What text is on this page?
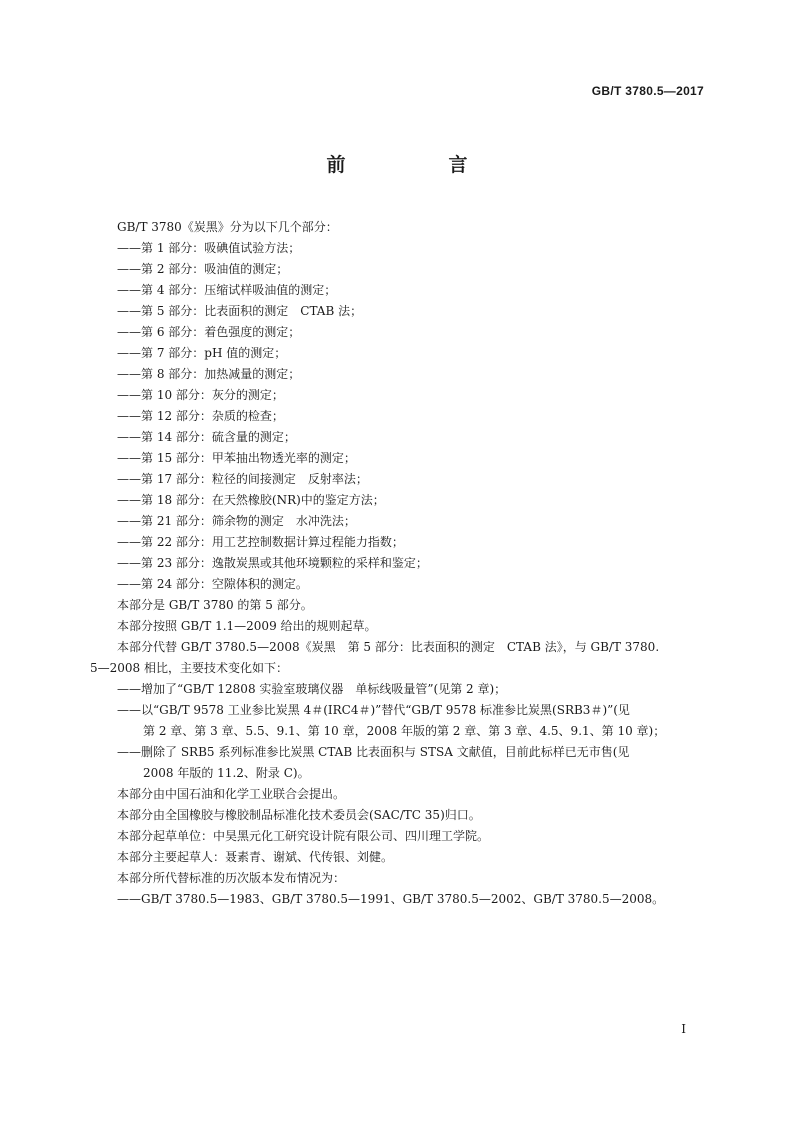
GB/T 3780.5—2017
前　言
GB/T 3780《炭黑》分为以下几个部分：
——第 1 部分：吸碘值试验方法；
——第 2 部分：吸油值的测定；
——第 4 部分：压缩试样吸油值的测定；
——第 5 部分：比表面积的测定　CTAB 法；
——第 6 部分：着色强度的测定；
——第 7 部分：pH 值的测定；
——第 8 部分：加热减量的测定；
——第 10 部分：灰分的测定；
——第 12 部分：杂质的检查；
——第 14 部分：硫含量的测定；
——第 15 部分：甲苯抽出物透光率的测定；
——第 17 部分：粒径的间接测定　反射率法；
——第 18 部分：在天然橡胶(NR)中的鉴定方法；
——第 21 部分：筛余物的测定　水冲洗法；
——第 22 部分：用工艺控制数据计算过程能力指数；
——第 23 部分：逸散炭黑或其他环境颗粒的采样和鉴定；
——第 24 部分：空隙体积的测定。
本部分是 GB/T 3780 的第 5 部分。
本部分按照 GB/T 1.1—2009 给出的规则起草。
本部分代替 GB/T 3780.5—2008《炭黑　第 5 部分：比表面积的测定　CTAB 法》，与 GB/T 3780.
5—2008 相比，主要技术变化如下：
——增加了“GB/T 12808 实验室玻璃仪器　单标线吸量管”(见第 2 章)；
——以“GB/T 9578 工业参比炭黑 4＃(IRC4＃)”替代“GB/T 9578 标准参比炭黑(SRB3＃)”(见
第 2 章、第 3 章、5.5、9.1、第 10 章，2008 年版的第 2 章、第 3 章、4.5、9.1、第 10 章)；
——删除了 SRB5 系列标准参比炭黑 CTAB 比表面积与 STSA 文献值，目前此标样已无市售(见
2008 年版的 11.2、附录 C)。
本部分由中国石油和化学工业联合会提出。
本部分由全国橡胶与橡胶制品标准化技术委员会(SAC/TC 35)归口。
本部分起草单位：中昊黑元化工研究设计院有限公司、四川理工学院。
本部分主要起草人：聂素青、谢斌、代传银、刘健。
本部分所代替标准的历次版本发布情况为：
——GB/T 3780.5—1983、GB/T 3780.5—1991、GB/T 3780.5—2002、GB/T 3780.5—2008。
I
